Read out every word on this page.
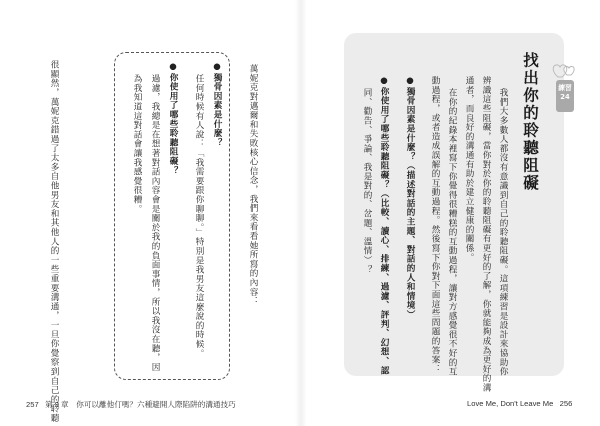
萬妮克對邁爾和失敗核心信念，我們來看看她所寫的內容：
●獨骨因素是什麼？
任何時候有人說：「我需要跟你聊聊。」特別是我男友這麼說的時候。
●你使用了哪些聆聽阻礙？
過濾，我總是在想著對話內容會是關於我的負面事情，所以我沒在聽，因
為我知道這對話會讓我感覺很糟。
很顯然，萬妮克錯過了太多自他男友和其他人的一些重要溝通，一旦你覺察到自己的聆聽
257 第 9 章　你可以離他仃嗎？六種避開人際陷阱的溝通技巧
練習
24
找出你的聆聽阻礙
我們大多數人都沒有意識到自己的聆聽阻礙。這項練習是設計來協助你
辨識這些阻礙，當你對於你的聆聽阻礙有更好的了解，你就能夠成為更好的溝
通者，而良好的溝通有助於建立健康的關係。
在你的紀錄本裡寫下你覺得很糟糕的互動過程，讓對方感覺很不好的互
動過程，或者造成誤解的互動過程。然後寫下你對下面這些問題的答案：
●獨骨因素是什麼？（描述對話的主題、對話的人和情境）
●你使用了哪些聆聽阻礙？（比較、讀心、排練、過濾、評判、幻想、認
同、勸告、爭論、我是對的、岔題、溫情）？
Love Me, Don't Leave Me 256
